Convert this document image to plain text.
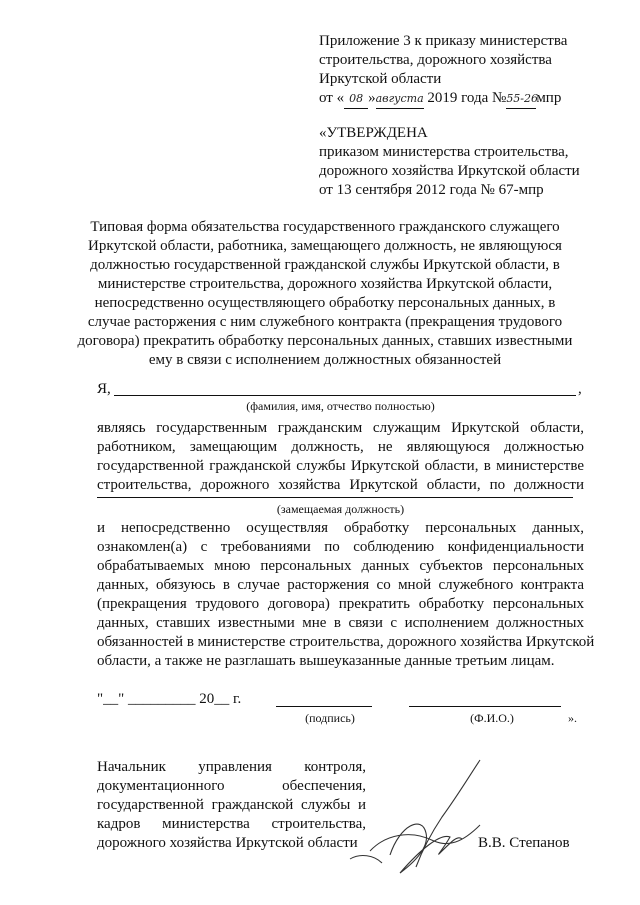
Приложение 3 к приказу министерства
строительства, дорожного хозяйства
Иркутской области
от « 08 »августа 2019 года №55-26мпр
«УТВЕРЖДЕНА
приказом министерства строительства,
дорожного хозяйства Иркутской области
от 13 сентября 2012 года № 67-мпр
Типовая форма обязательства государственного гражданского служащего
Иркутской области, работника, замещающего должность, не являющуюся
должностью государственной гражданской службы Иркутской области, в
министерстве строительства, дорожного хозяйства Иркутской области,
непосредственно осуществляющего обработку персональных данных, в
случае расторжения с ним служебного контракта (прекращения трудового
договора) прекратить обработку персональных данных, ставших известными
ему в связи с исполнением должностных обязанностей
Я,	,
(фамилия, имя, отчество полностью)
являясь государственным гражданским служащим Иркутской области,
работником, замещающим должность, не являющуюся должностью
государственной гражданской службы Иркутской области, в министерстве
строительства, дорожного хозяйства Иркутской области, по должности
(замещаемая должность)
и непосредственно осуществляя обработку персональных данных,
ознакомлен(а) с требованиями по соблюдению конфиденциальности
обрабатываемых мною персональных данных субъектов персональных
данных, обязуюсь в случае расторжения со мной служебного контракта
(прекращения трудового договора) прекратить обработку персональных
данных, ставших известными мне в связи с исполнением должностных
обязанностей в министерстве строительства, дорожного хозяйства Иркутской
области, а также не разглашать вышеуказанные данные третьим лицам.
"__" _________ 20__ г.
(подпись)	(Ф.И.О.)	».
Начальник управления контроля,
документационного обеспечения,
государственной гражданской службы и
кадров министерства строительства,
дорожного хозяйства Иркутской области	В.В. Степанов
